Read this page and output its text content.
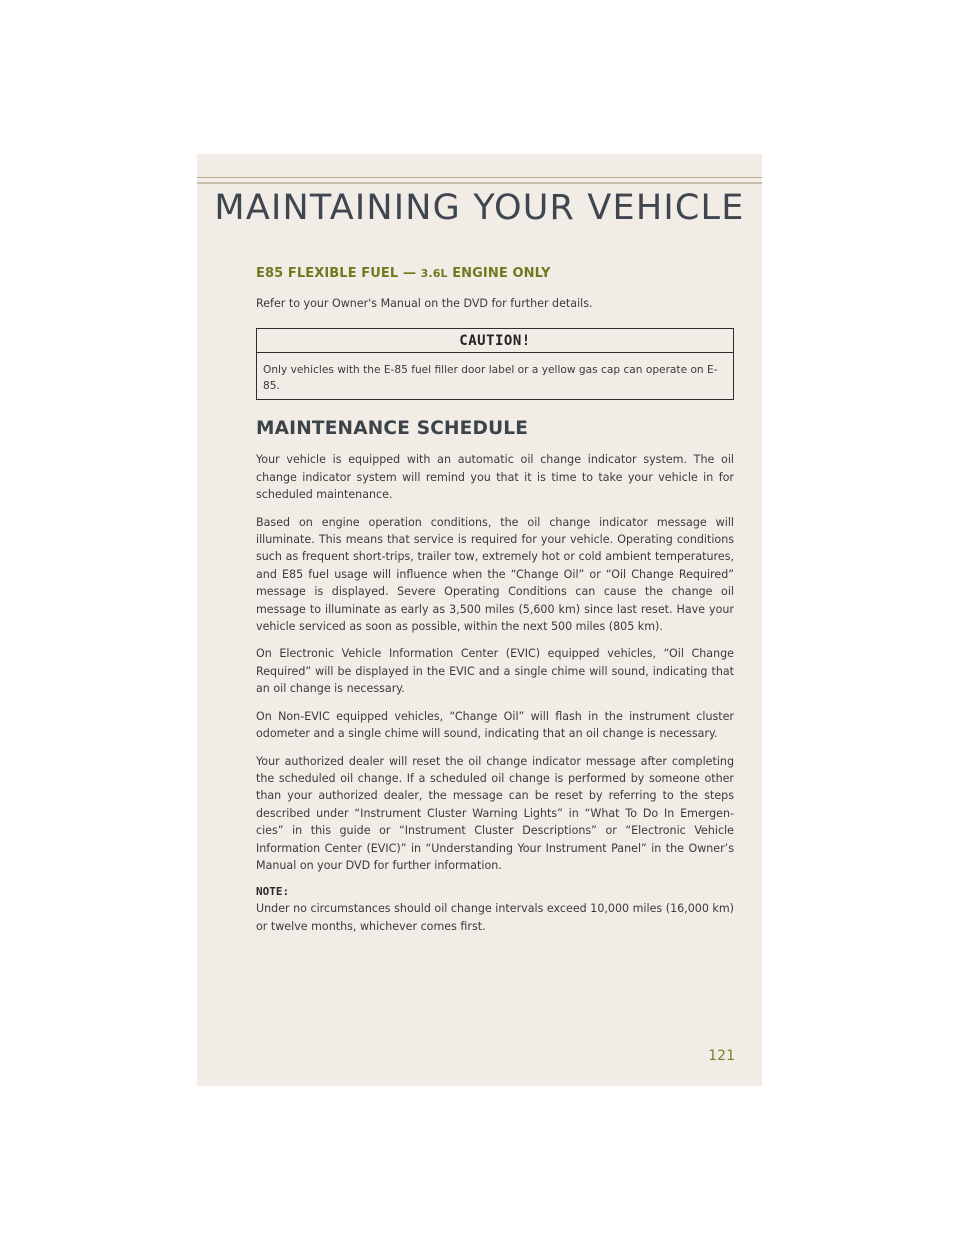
MAINTAINING YOUR VEHICLE
E85 FLEXIBLE FUEL — 3.6L ENGINE ONLY

Refer to your Owner's Manual on the DVD for further details.

CAUTION!
Only vehicles with the E-85 fuel filler door label or a yellow gas cap can operate on E-85.
MAINTENANCE SCHEDULE

Your vehicle is equipped with an automatic oil change indicator system. The oil change indicator system will remind you that it is time to take your vehicle in for scheduled maintenance.

Based on engine operation conditions, the oil change indicator message will illuminate. This means that service is required for your vehicle. Operating conditions such as frequent short-trips, trailer tow, extremely hot or cold ambient temperatures, and E85 fuel usage will influence when the “Change Oil” or “Oil Change Required” message is displayed. Severe Operating Conditions can cause the change oil message to illuminate as early as 3,500 miles (5,600 km) since last reset. Have your vehicle serviced as soon as possible, within the next 500 miles (805 km).

On Electronic Vehicle Information Center (EVIC) equipped vehicles, “Oil Change Required” will be displayed in the EVIC and a single chime will sound, indicating that an oil change is necessary.

On Non-EVIC equipped vehicles, “Change Oil” will flash in the instrument cluster odometer and a single chime will sound, indicating that an oil change is necessary.

Your authorized dealer will reset the oil change indicator message after completing the scheduled oil change. If a scheduled oil change is performed by someone other than your authorized dealer, the message can be reset by referring to the steps described under “Instrument Cluster Warning Lights” in “What To Do In Emergen-cies” in this guide or “Instrument Cluster Descriptions” or “Electronic Vehicle Information Center (EVIC)” in “Understanding Your Instrument Panel” in the Owner’s Manual on your DVD for further information.

NOTE:

Under no circumstances should oil change intervals exceed 10,000 miles (16,000 km) or twelve months, whichever comes first.

121
